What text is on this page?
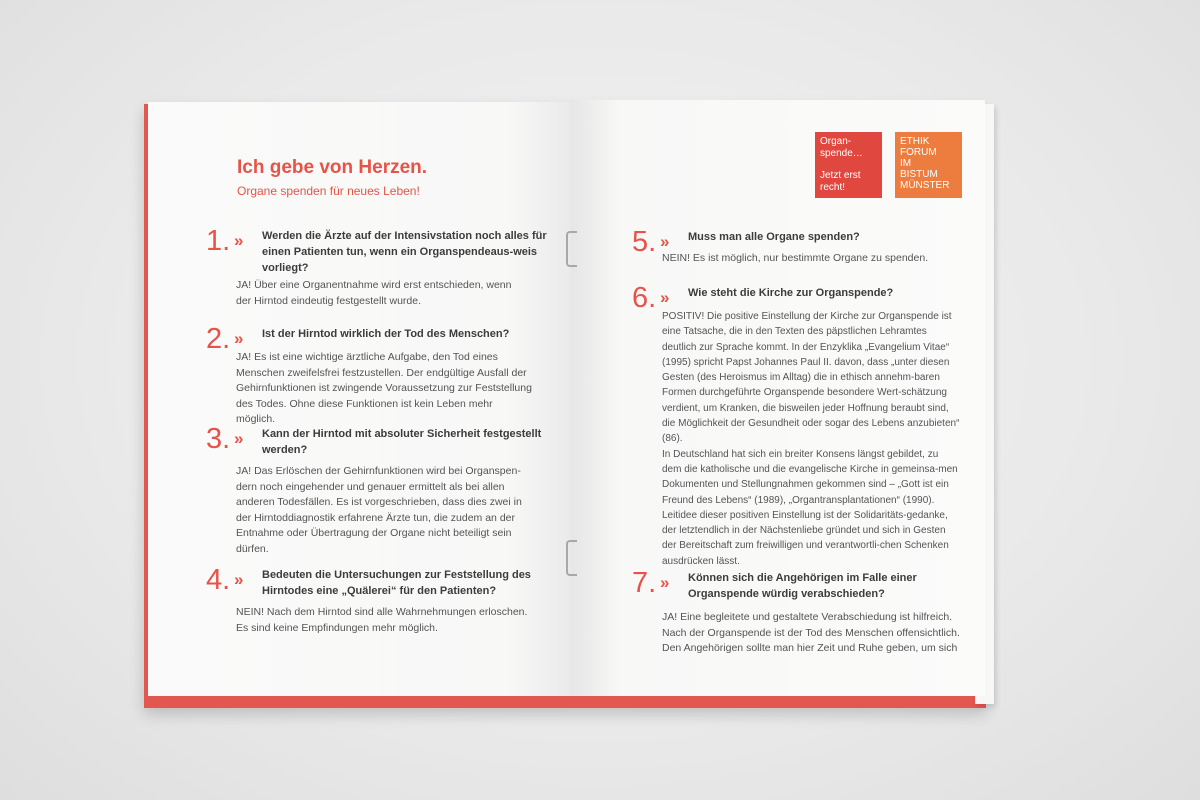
Ich gebe von Herzen.
Organe spenden für neues Leben!
Organ-
spende…
Jetzt erst
recht!
ETHIK
FORUM
IM
BISTUM
MÜNSTER
1. » Werden die Ärzte auf der Intensivstation noch alles für einen Patienten tun, wenn ein Organspendeaus-weis vorliegt?

JA! Über eine Organentnahme wird erst entschieden, wenn der Hirntod eindeutig festgestellt wurde.

2. » Ist der Hirntod wirklich der Tod des Menschen?

JA! Es ist eine wichtige ärztliche Aufgabe, den Tod eines Menschen zweifelsfrei festzustellen. Der endgültige Ausfall der Gehirnfunktionen ist zwingende Voraussetzung zur Feststellung des Todes. Ohne diese Funktionen ist kein Leben mehr möglich.

3. » Kann der Hirntod mit absoluter Sicherheit festgestellt werden?

JA! Das Erlöschen der Gehirnfunktionen wird bei Organspen-dern noch eingehender und genauer ermittelt als bei allen anderen Todesfällen. Es ist vorgeschrieben, dass dies zwei in der Hirntoddiagnostik erfahrene Ärzte tun, die zudem an der Entnahme oder Übertragung der Organe nicht beteiligt sein dürfen.

4. » Bedeuten die Untersuchungen zur Feststellung des Hirntodes eine „Quälerei“ für den Patienten?

NEIN! Nach dem Hirntod sind alle Wahrnehmungen erloschen. Es sind keine Empfindungen mehr möglich.

5. » Muss man alle Organe spenden?

NEIN! Es ist möglich, nur bestimmte Organe zu spenden.

6. » Wie steht die Kirche zur Organspende?

POSITIV! Die positive Einstellung der Kirche zur Organspende ist eine Tatsache, die in den Texten des päpstlichen Lehramtes deutlich zur Sprache kommt. In der Enzyklika „Evangelium Vitae“ (1995) spricht Papst Johannes Paul II. davon, dass „unter diesen Gesten (des Heroismus im Alltag) die in ethisch annehm-baren Formen durchgeführte Organspende besondere Wert-schätzung verdient, um Kranken, die bisweilen jeder Hoffnung beraubt sind, die Möglichkeit der Gesundheit oder sogar des Lebens anzubieten“ (86).

In Deutschland hat sich ein breiter Konsens längst gebildet, zu dem die katholische und die evangelische Kirche in gemeinsa-men Dokumenten und Stellungnahmen gekommen sind – „Gott ist ein Freund des Lebens“ (1989), „Organtransplantationen“ (1990). Leitidee dieser positiven Einstellung ist der Solidaritäts-gedanke, der letztendlich in der Nächstenliebe gründet und sich in Gesten der Bereitschaft zum freiwilligen und verantwortli-chen Schenken ausdrücken lässt.

7. » Können sich die Angehörigen im Falle einer Organspende würdig verabschieden?

JA! Eine begleitete und gestaltete Verabschiedung ist hilfreich. Nach der Organspende ist der Tod des Menschen offensichtlich. Den Angehörigen sollte man hier Zeit und Ruhe geben, um sich
